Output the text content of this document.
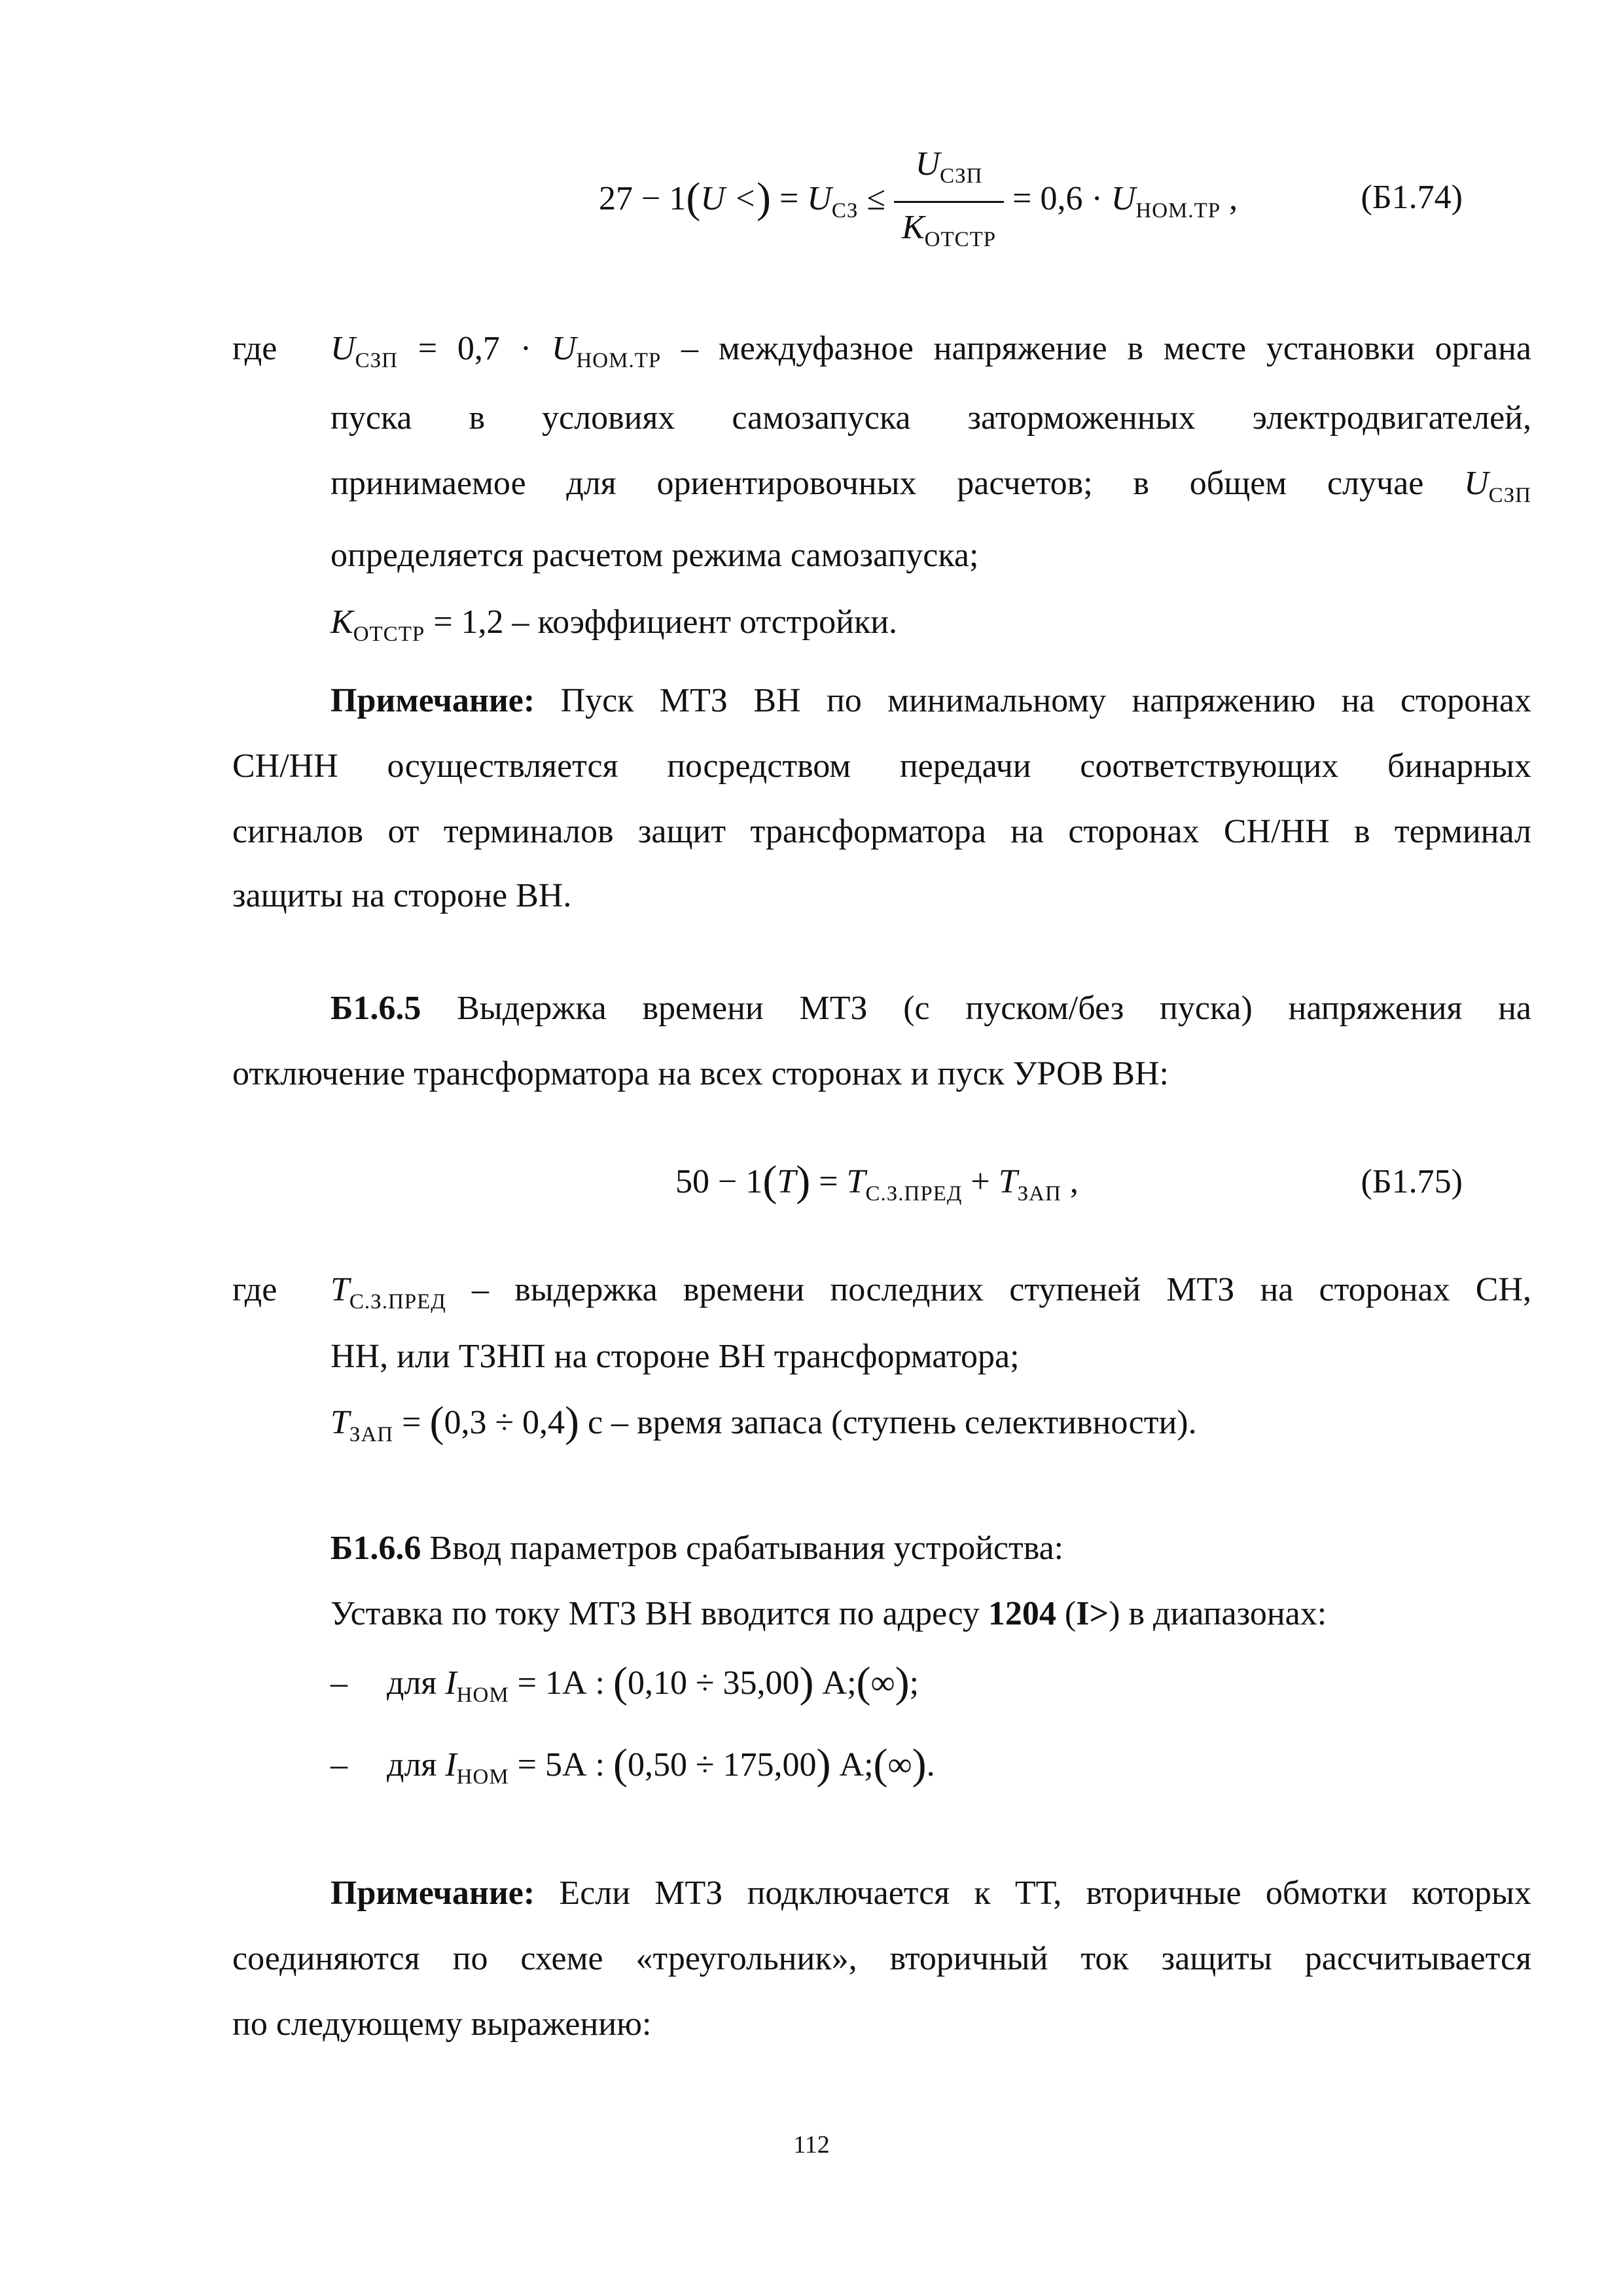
27 − 1(U <) = $U_{СЗ} \le \frac{U_{СЗП}}{K_{ОТСТР}} = 0,6 \cdot U_{НОМ.ТР}$ ,	(Б1.74)
где $U_{СЗП} = 0,7 \cdot U_{НОМ.ТР}$ – междуфазное напряжение в месте установки органа
пуска в условиях самозапуска заторможенных электродвигателей,
принимаемое для ориентировочных расчетов; в общем случае $U_{СЗП}$
определяется расчетом режима самозапуска;
$K_{ОТСТР} = 1,2$ – коэффициент отстройки.
Примечание: Пуск МТЗ ВН по минимальному напряжению на сторонах
СН/НН осуществляется посредством передачи соответствующих бинарных
сигналов от терминалов защит трансформатора на сторонах СН/НН в терминал
защиты на стороне ВН.
Б1.6.5 Выдержка времени МТЗ (с пуском/без пуска) напряжения на
отключение трансформатора на всех сторонах и пуск УРОВ ВН:
$50 - 1(T) = T_{С.З.ПРЕД} + T_{ЗАП}$ ,	(Б1.75)
где $T_{С.З.ПРЕД}$ – выдержка времени последних ступеней МТЗ на сторонах СН,
НН, или ТЗНП на стороне ВН трансформатора;
$T_{ЗАП} = (0,3 \div 0,4)$ с – время запаса (ступень селективности).
Б1.6.6 Ввод параметров срабатывания устройства:
Уставка по току МТЗ ВН вводится по адресу 1204 (I>) в диапазонах:
– для $I_{НОМ} = 1А$ : (0,10 ÷ 35,00) А;(∞);
– для $I_{НОМ} = 5А$ : (0,50 ÷ 175,00) А;(∞).
Примечание: Если МТЗ подключается к ТТ, вторичные обмотки которых
соединяются по схеме «треугольник», вторичный ток защиты рассчитывается
по следующему выражению:
112
